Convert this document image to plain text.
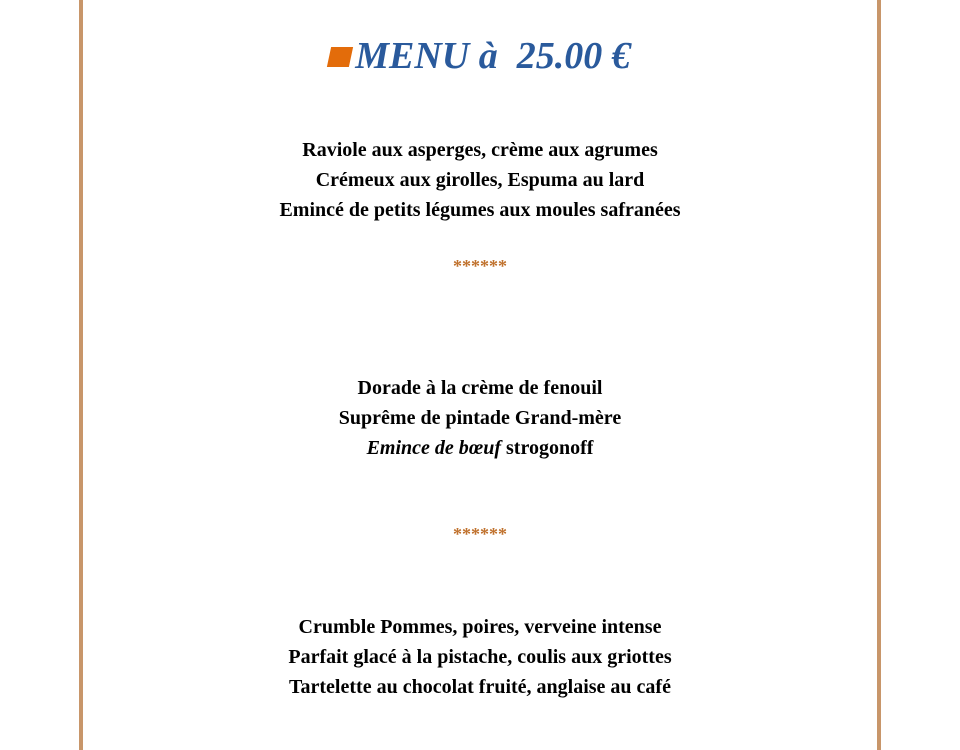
MENU à  25.00 €
Raviole aux asperges, crème aux agrumes
Crémeux aux girolles, Espuma au lard
Emincé de petits légumes aux moules safranées
******
Dorade à la crème de fenouil
Suprême de pintade Grand-mère
Emince de bœuf strogonoff
******
Crumble Pommes, poires, verveine intense
Parfait glacé à la pistache, coulis aux griottes
Tartelette au chocolat fruité, anglaise au café
